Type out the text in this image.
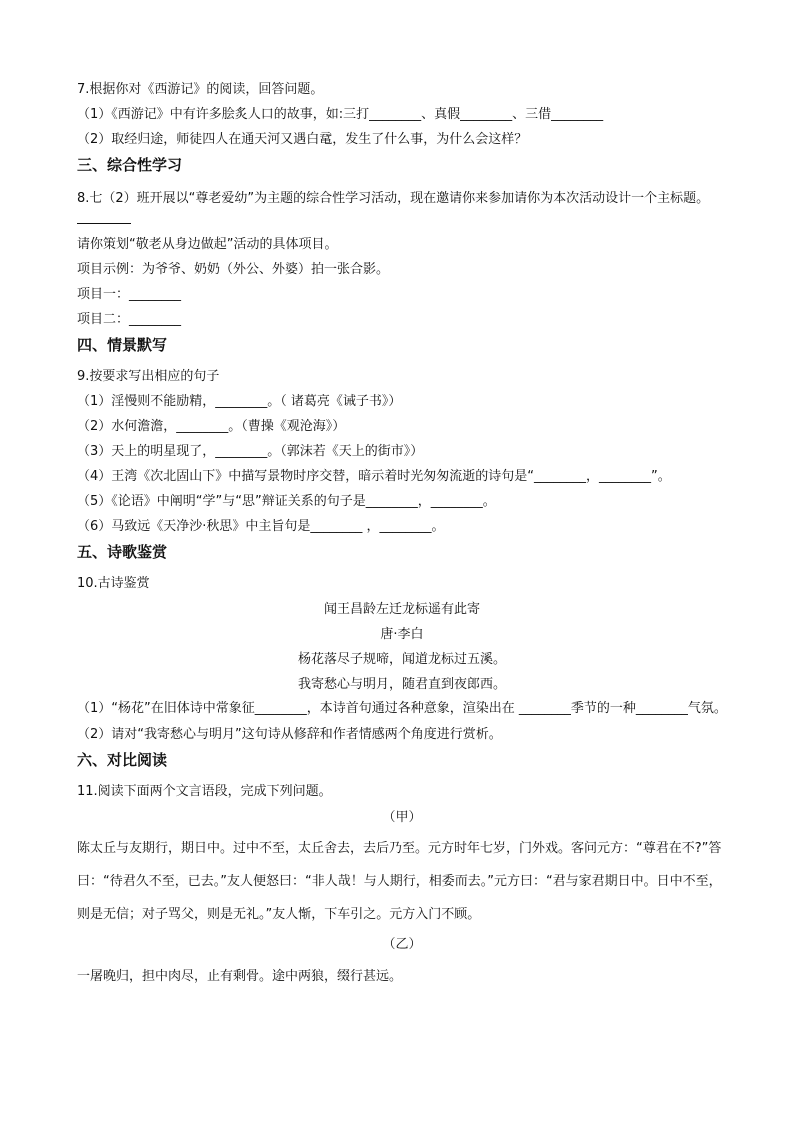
7.根据你对《西游记》的阅读，回答问题。
（1）《西游记》中有许多脍炙人口的故事，如:三打________、真假________、三借________
（2）取经归途，师徒四人在通天河又遇白鼋，发生了什么事，为什么会这样？
三、综合性学习
8.七（2）班开展以“尊老爱幼”为主题的综合性学习活动，现在邀请你来参加请你为本次活动设计一个主标题。
请你策划“敬老从身边做起”活动的具体项目。
项目示例：为爷爷、奶奶（外公、外婆）拍一张合影。
项目一：________
项目二：________
四、情景默写
9.按要求写出相应的句子
（1）淫慢则不能励精，________。（ 诸葛亮《诫子书》）
（2）水何澹澹，________。（曹操《观沧海》）
（3）天上的明星现了，________。（郭沫若《天上的街市》）
（4）王湾《次北固山下》中描写景物时序交替，暗示着时光匆匆流逝的诗句是“________，________”。
（5）《论语》中阐明“学”与“思”辩证关系的句子是________，________。
（6）马致远《天净沙·秋思》中主旨句是________ ，________。
五、诗歌鉴赏
10.古诗鉴赏
闻王昌龄左迁龙标遥有此寄
唐·李白
杨花落尽子规啼，闻道龙标过五溪。
我寄愁心与明月，随君直到夜郎西。
（1）“杨花”在旧体诗中常象征________，本诗首句通过各种意象，渲染出在 ________季节的一种________气氛。
（2）请对“我寄愁心与明月”这句诗从修辞和作者情感两个角度进行赏析。
六、对比阅读
11.阅读下面两个文言语段，完成下列问题。
（甲）
陈太丘与友期行，期日中。过中不至，太丘舍去，去后乃至。元方时年七岁，门外戏。客问元方：“尊君在不?”答曰：“待君久不至，已去。”友人便怒曰：“非人哉！与人期行，相委而去。”元方曰：“君与家君期日中。日中不至，则是无信；对子骂父，则是无礼。”友人惭，下车引之。元方入门不顾。
（乙）
一屠晚归，担中肉尽，止有剩骨。途中两狼，缀行甚远。
